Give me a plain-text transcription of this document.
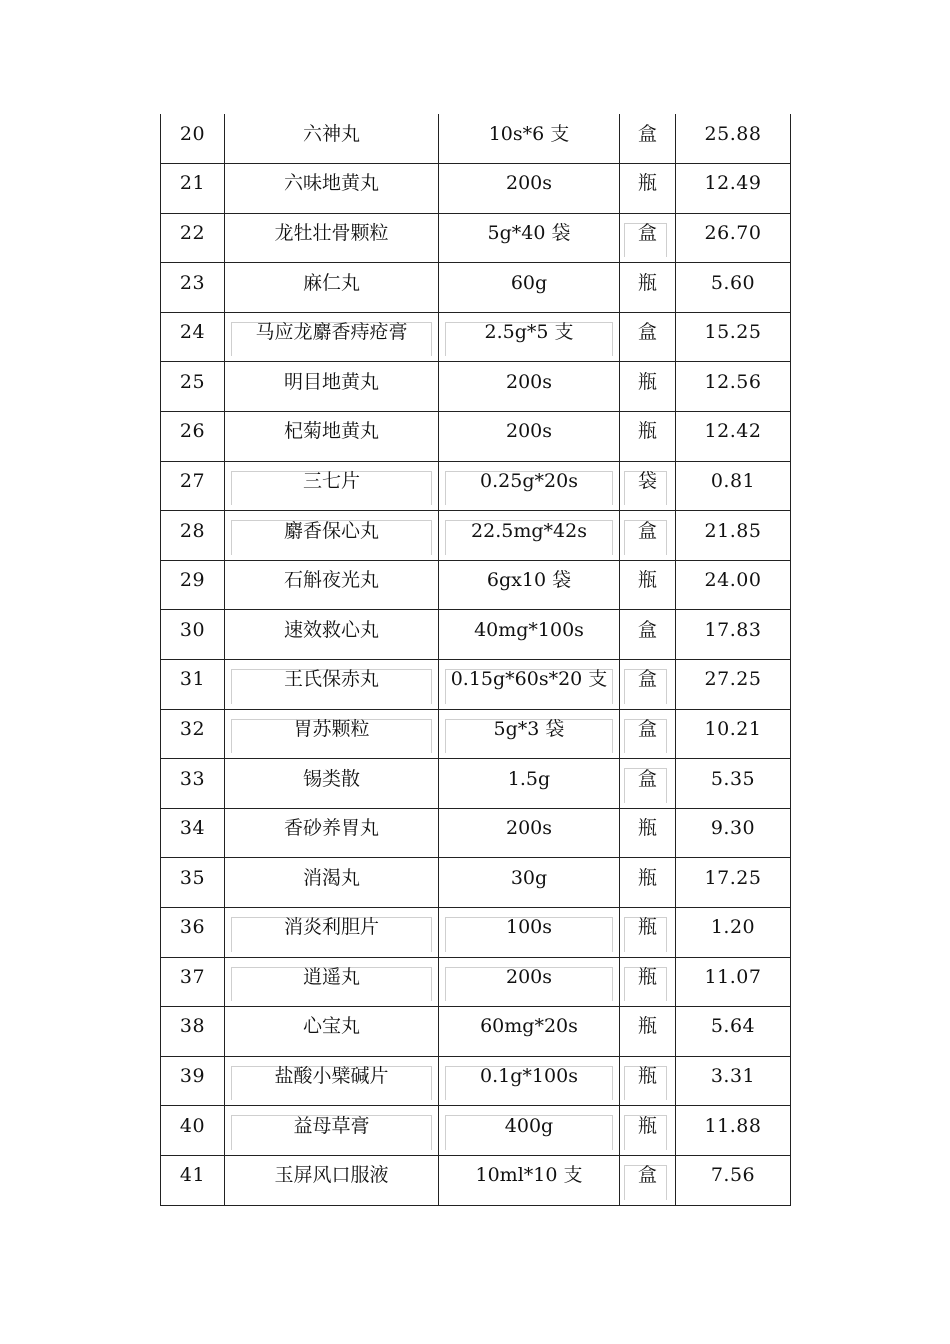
20	六神丸	10s*6 支	盒	25.88
21	六味地黄丸	200s	瓶	12.49
22	龙牡壮骨颗粒	5g*40 袋	盒	26.70
23	麻仁丸	60g	瓶	5.60
24	马应龙麝香痔疮膏	2.5g*5 支	盒	15.25
25	明目地黄丸	200s	瓶	12.56
26	杞菊地黄丸	200s	瓶	12.42
27	三七片	0.25g*20s	袋	0.81
28	麝香保心丸	22.5mg*42s	盒	21.85
29	石斛夜光丸	6gx10 袋	瓶	24.00
30	速效救心丸	40mg*100s	盒	17.83
31	王氏保赤丸	0.15g*60s*20 支	盒	27.25
32	胃苏颗粒	5g*3 袋	盒	10.21
33	锡类散	1.5g	盒	5.35
34	香砂养胃丸	200s	瓶	9.30
35	消渴丸	30g	瓶	17.25
36	消炎利胆片	100s	瓶	1.20
37	逍遥丸	200s	瓶	11.07
38	心宝丸	60mg*20s	瓶	5.64
39	盐酸小檗碱片	0.1g*100s	瓶	3.31
40	益母草膏	400g	瓶	11.88
41	玉屏风口服液	10ml*10 支	盒	7.56
